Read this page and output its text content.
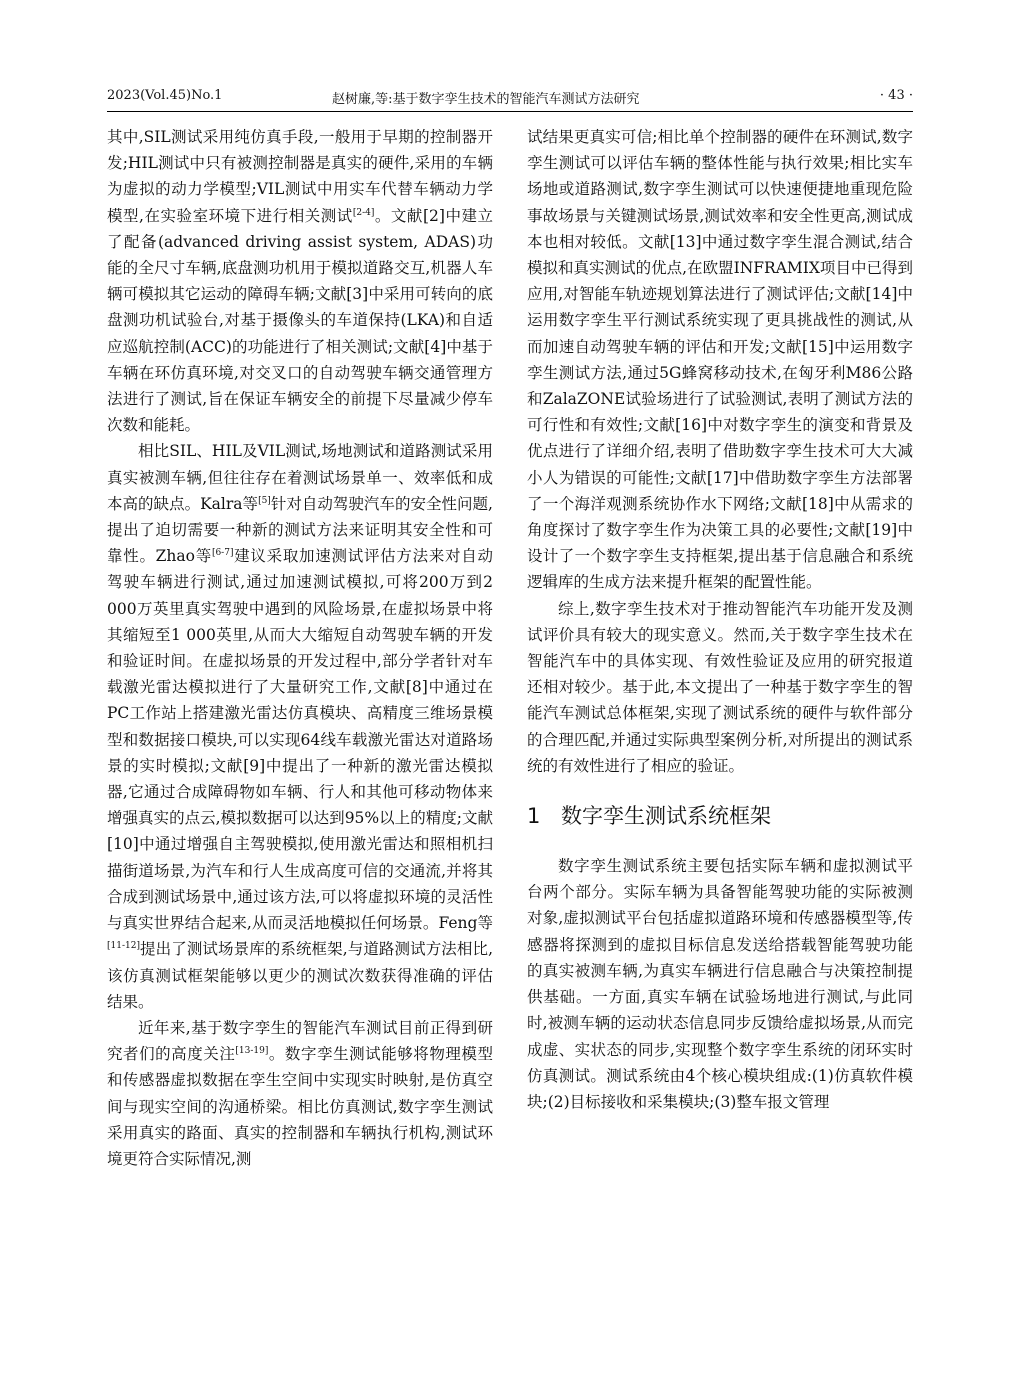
2023(Vol.45)No.1	赵树廉,等:基于数字孪生技术的智能汽车测试方法研究	· 43 ·

其中,SIL测试采用纯仿真手段,一般用于早期的控制器开发;HIL测试中只有被测控制器是真实的硬件,采用的车辆为虚拟的动力学模型;VIL测试中用实车代替车辆动力学模型,在实验室环境下进行相关测试[2-4]。文献[2]中建立了配备(advanced driving assist system, ADAS)功能的全尺寸车辆,底盘测功机用于模拟道路交互,机器人车辆可模拟其它运动的障碍车辆;文献[3]中采用可转向的底盘测功机试验台,对基于摄像头的车道保持(LKA)和自适应巡航控制(ACC)的功能进行了相关测试;文献[4]中基于车辆在环仿真环境,对交叉口的自动驾驶车辆交通管理方法进行了测试,旨在保证车辆安全的前提下尽量减少停车次数和能耗。

相比SIL、HIL及VIL测试,场地测试和道路测试采用真实被测车辆,但往往存在着测试场景单一、效率低和成本高的缺点。Kalra等[5]针对自动驾驶汽车的安全性问题,提出了迫切需要一种新的测试方法来证明其安全性和可靠性。Zhao等[6-7]建议采取加速测试评估方法来对自动驾驶车辆进行测试,通过加速测试模拟,可将200万到2 000万英里真实驾驶中遇到的风险场景,在虚拟场景中将其缩短至1 000英里,从而大大缩短自动驾驶车辆的开发和验证时间。在虚拟场景的开发过程中,部分学者针对车载激光雷达模拟进行了大量研究工作,文献[8]中通过在PC工作站上搭建激光雷达仿真模块、高精度三维场景模型和数据接口模块,可以实现64线车载激光雷达对道路场景的实时模拟;文献[9]中提出了一种新的激光雷达模拟器,它通过合成障碍物如车辆、行人和其他可移动物体来增强真实的点云,模拟数据可以达到95%以上的精度;文献[10]中通过增强自主驾驶模拟,使用激光雷达和照相机扫描街道场景,为汽车和行人生成高度可信的交通流,并将其合成到测试场景中,通过该方法,可以将虚拟环境的灵活性与真实世界结合起来,从而灵活地模拟任何场景。Feng等[11-12]提出了测试场景库的系统框架,与道路测试方法相比,该仿真测试框架能够以更少的测试次数获得准确的评估结果。

近年来,基于数字孪生的智能汽车测试目前正得到研究者们的高度关注[13-19]。数字孪生测试能够将物理模型和传感器虚拟数据在孪生空间中实现实时映射,是仿真空间与现实空间的沟通桥梁。相比仿真测试,数字孪生测试采用真实的路面、真实的控制器和车辆执行机构,测试环境更符合实际情况,测

试结果更真实可信;相比单个控制器的硬件在环测试,数字孪生测试可以评估车辆的整体性能与执行效果;相比实车场地或道路测试,数字孪生测试可以快速便捷地重现危险事故场景与关键测试场景,测试效率和安全性更高,测试成本也相对较低。文献[13]中通过数字孪生混合测试,结合模拟和真实测试的优点,在欧盟INFRAMIX项目中已得到应用,对智能车轨迹规划算法进行了测试评估;文献[14]中运用数字孪生平行测试系统实现了更具挑战性的测试,从而加速自动驾驶车辆的评估和开发;文献[15]中运用数字孪生测试方法,通过5G蜂窝移动技术,在匈牙利M86公路和ZalaZONE试验场进行了试验测试,表明了测试方法的可行性和有效性;文献[16]中对数字孪生的演变和背景及优点进行了详细介绍,表明了借助数字孪生技术可大大减小人为错误的可能性;文献[17]中借助数字孪生方法部署了一个海洋观测系统协作水下网络;文献[18]中从需求的角度探讨了数字孪生作为决策工具的必要性;文献[19]中设计了一个数字孪生支持框架,提出基于信息融合和系统逻辑库的生成方法来提升框架的配置性能。

综上,数字孪生技术对于推动智能汽车功能开发及测试评价具有较大的现实意义。然而,关于数字孪生技术在智能汽车中的具体实现、有效性验证及应用的研究报道还相对较少。基于此,本文提出了一种基于数字孪生的智能汽车测试总体框架,实现了测试系统的硬件与软件部分的合理匹配,并通过实际典型案例分析,对所提出的测试系统的有效性进行了相应的验证。

1 数字孪生测试系统框架

数字孪生测试系统主要包括实际车辆和虚拟测试平台两个部分。实际车辆为具备智能驾驶功能的实际被测对象,虚拟测试平台包括虚拟道路环境和传感器模型等,传感器将探测到的虚拟目标信息发送给搭载智能驾驶功能的真实被测车辆,为真实车辆进行信息融合与决策控制提供基础。一方面,真实车辆在试验场地进行测试,与此同时,被测车辆的运动状态信息同步反馈给虚拟场景,从而完成虚、实状态的同步,实现整个数字孪生系统的闭环实时仿真测试。测试系统由4个核心模块组成:(1)仿真软件模块;(2)目标接收和采集模块;(3)整车报文管理
